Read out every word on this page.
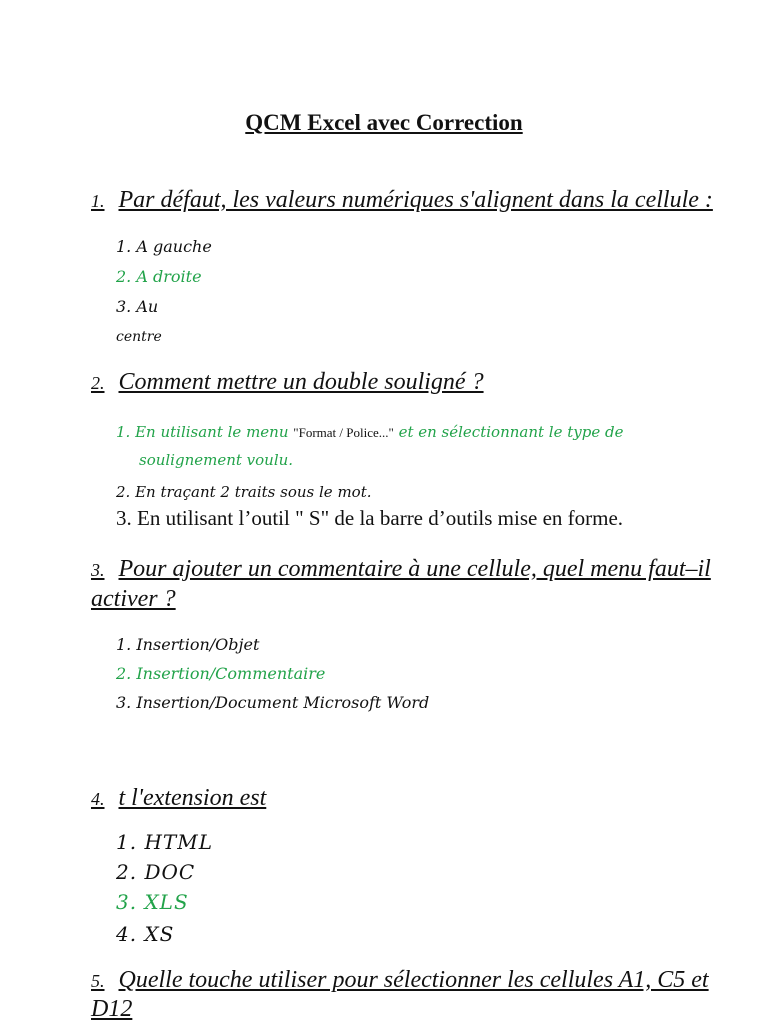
QCM Excel avec Correction
1. Par défaut, les valeurs numériques s'alignent dans la cellule :
1. A gauche
2. A droite
3. Au
centre
2. Comment mettre un double souligné ?
1. En utilisant le menu "Format / Police..." et en sélectionnant le type de
soulignement voulu.
2. En traçant 2 traits sous le mot.
3. En utilisant l’outil " S" de la barre d’outils mise en forme.
3. Pour ajouter un commentaire à une cellule, quel menu faut–il activer ?
1. Insertion/Objet
2. Insertion/Commentaire
3. Insertion/Document Microsoft Word
4. t l'extension est
1. HTML
2. DOC
3. XLS
4. XS
5. Quelle touche utiliser pour sélectionner les cellules A1, C5 et D12
